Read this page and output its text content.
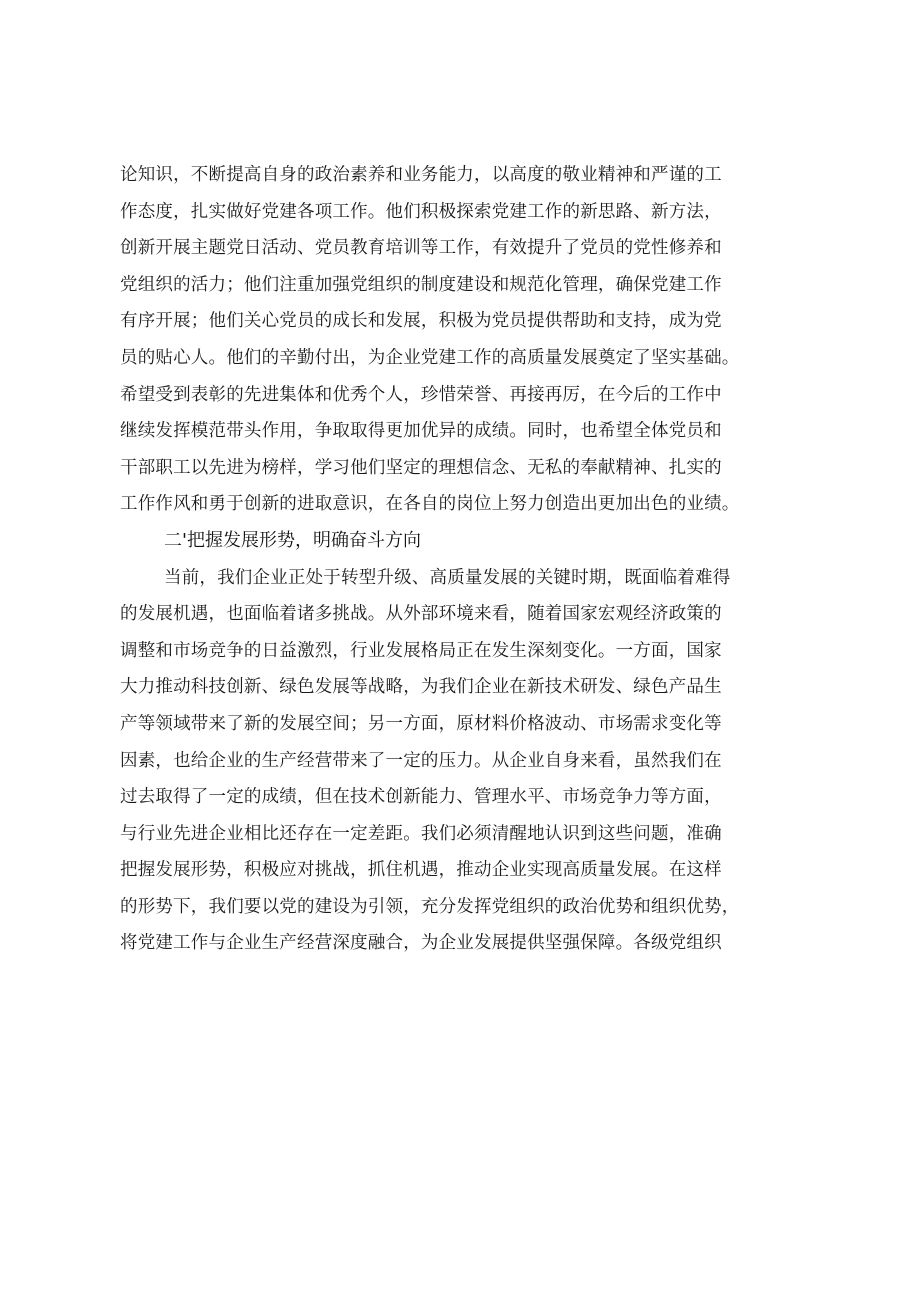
论知识，不断提高自身的政治素养和业务能力，以高度的敬业精神和严谨的工
作态度，扎实做好党建各项工作。他们积极探索党建工作的新思路、新方法，
创新开展主题党日活动、党员教育培训等工作，有效提升了党员的党性修养和
党组织的活力；他们注重加强党组织的制度建设和规范化管理，确保党建工作
有序开展；他们关心党员的成长和发展，积极为党员提供帮助和支持，成为党
员的贴心人。他们的辛勤付出，为企业党建工作的高质量发展奠定了坚实基础。
希望受到表彰的先进集体和优秀个人，珍惜荣誉、再接再厉，在今后的工作中
继续发挥模范带头作用，争取取得更加优异的成绩。同时，也希望全体党员和
干部职工以先进为榜样，学习他们坚定的理想信念、无私的奉献精神、扎实的
工作作风和勇于创新的进取意识，在各自的岗位上努力创造出更加出色的业绩。
二'把握发展形势，明确奋斗方向
当前，我们企业正处于转型升级、高质量发展的关键时期，既面临着难得
的发展机遇，也面临着诸多挑战。从外部环境来看，随着国家宏观经济政策的
调整和市场竞争的日益激烈，行业发展格局正在发生深刻变化。一方面，国家
大力推动科技创新、绿色发展等战略，为我们企业在新技术研发、绿色产品生
产等领域带来了新的发展空间；另一方面，原材料价格波动、市场需求变化等
因素，也给企业的生产经营带来了一定的压力。从企业自身来看，虽然我们在
过去取得了一定的成绩，但在技术创新能力、管理水平、市场竞争力等方面，
与行业先进企业相比还存在一定差距。我们必须清醒地认识到这些问题，准确
把握发展形势，积极应对挑战，抓住机遇，推动企业实现高质量发展。在这样
的形势下，我们要以党的建设为引领，充分发挥党组织的政治优势和组织优势，
将党建工作与企业生产经营深度融合，为企业发展提供坚强保障。各级党组织
